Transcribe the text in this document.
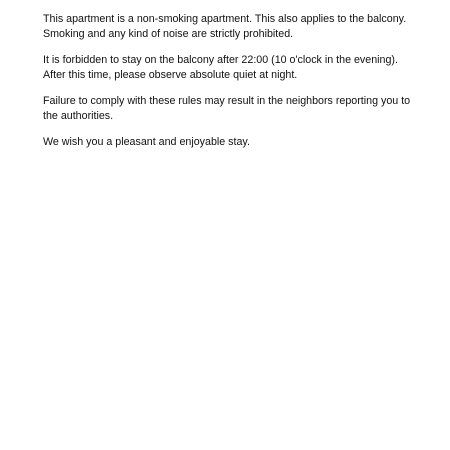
This apartment is a non-smoking apartment. This also applies to the balcony.
Smoking and any kind of noise are strictly prohibited.

It is forbidden to stay on the balcony after 22:00 (10 o'clock in the evening).
After this time, please observe absolute quiet at night.

Failure to comply with these rules may result in the neighbors reporting you to
the authorities.

We wish you a pleasant and enjoyable stay.
